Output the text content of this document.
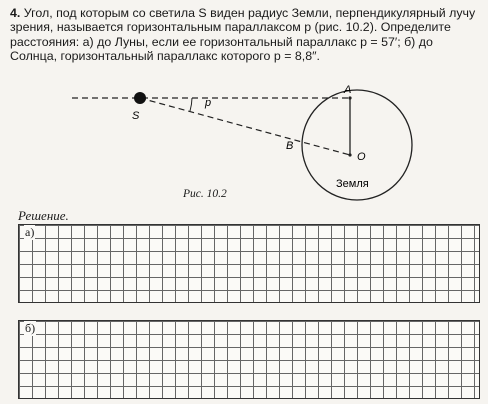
4. Угол, под которым со светила S виден радиус Земли, перпендикулярный лучу зрения, называется горизонтальным параллаксом p (рис. 10.2). Определите расстояния: а) до Луны, если ее горизонтальный параллакс p = 57′; б) до Солнца, горизонтальный параллакс которого p = 8,8″.

S
p
A
B
O
Земля
Рис. 10.2
Решение.
а)
б)
